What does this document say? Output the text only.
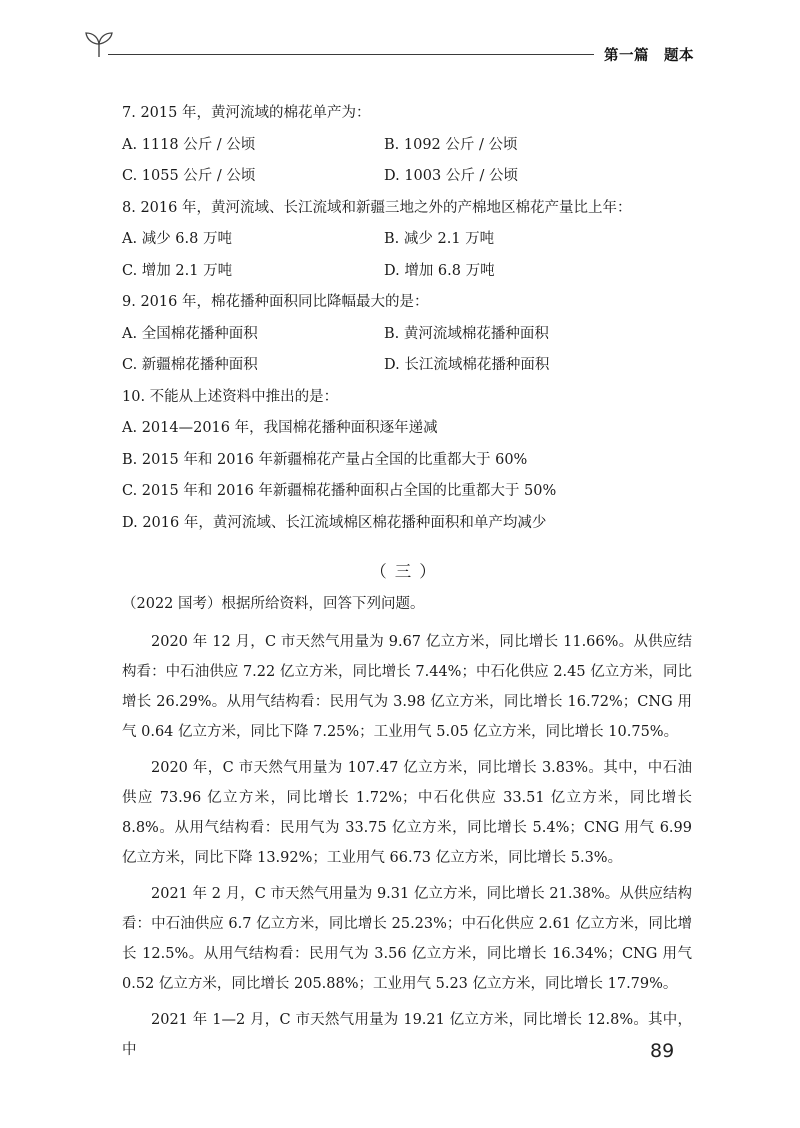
第一篇　题本
7. 2015 年，黄河流域的棉花单产为：
A. 1118 公斤 / 公顷	B. 1092 公斤 / 公顷
C. 1055 公斤 / 公顷	D. 1003 公斤 / 公顷
8. 2016 年，黄河流域、长江流域和新疆三地之外的产棉地区棉花产量比上年：
A. 减少 6.8 万吨	B. 减少 2.1 万吨
C. 增加 2.1 万吨	D. 增加 6.8 万吨
9. 2016 年，棉花播种面积同比降幅最大的是：
A. 全国棉花播种面积	B. 黄河流域棉花播种面积
C. 新疆棉花播种面积	D. 长江流域棉花播种面积
10. 不能从上述资料中推出的是：
A. 2014—2016 年，我国棉花播种面积逐年递减
B. 2015 年和 2016 年新疆棉花产量占全国的比重都大于 60%
C. 2015 年和 2016 年新疆棉花播种面积占全国的比重都大于 50%
D. 2016 年，黄河流域、长江流域棉区棉花播种面积和单产均减少
（三）
（2022 国考）根据所给资料，回答下列问题。
2020 年 12 月，C 市天然气用量为 9.67 亿立方米，同比增长 11.66%。从供应结构看：中石油供应 7.22 亿立方米，同比增长 7.44%；中石化供应 2.45 亿立方米，同比增长 26.29%。从用气结构看：民用气为 3.98 亿立方米，同比增长 16.72%；CNG 用气 0.64 亿立方米，同比下降 7.25%；工业用气 5.05 亿立方米，同比增长 10.75%。
2020 年，C 市天然气用量为 107.47 亿立方米，同比增长 3.83%。其中，中石油供应 73.96 亿立方米，同比增长 1.72%；中石化供应 33.51 亿立方米，同比增长 8.8%。从用气结构看：民用气为 33.75 亿立方米，同比增长 5.4%；CNG 用气 6.99 亿立方米，同比下降 13.92%；工业用气 66.73 亿立方米，同比增长 5.3%。
2021 年 2 月，C 市天然气用量为 9.31 亿立方米，同比增长 21.38%。从供应结构看：中石油供应 6.7 亿立方米，同比增长 25.23%；中石化供应 2.61 亿立方米，同比增长 12.5%。从用气结构看：民用气为 3.56 亿立方米，同比增长 16.34%；CNG 用气 0.52 亿立方米，同比增长 205.88%；工业用气 5.23 亿立方米，同比增长 17.79%。
2021 年 1—2 月，C 市天然气用量为 19.21 亿立方米，同比增长 12.8%。其中，中	89
